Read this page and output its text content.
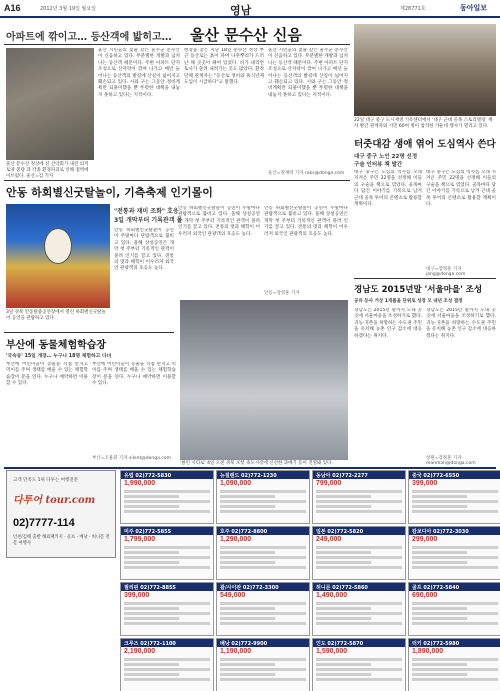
A16	2012년 3월 19일 월요일	영남	제28771호	동아일보
아파트에 깎이고… 등산객에 밟히고… 울산 문수산 신음
울산 문수산 정상에 선 산악회가 내린 퇴적 토양 불량 과 각종 환경파괴로 인해 절벽에 이르렀다. 울산=김 기자
울산 시민들의 젖줄 같은 울주군 문수산이 신음하고 있다. 무분별한 개발과 넘쳐나는 등산객 때문이다. 주변 아파트 단지 조성으로 산자락이 깎여 나가고 매년 늘어나는 등산객의 발길에 산길이 넓어지고 훼손되고 있다. 시와 구는 그동안 정비계획만 되풀이했을 뿐 뚜렷한 대책을 내놓지 못하고 있다는 지적이다.
현장을 찾은 지난 18일 문수산 정상 부근 등산로는 흙이 파여 나무뿌리가 드러난 채 곳곳이 패여 있었다. 비가 내리면 토사가 쓸려 내려가는 곳도 많았다. 환경단체 관계자는 "등산로 정비와 휴식년제 도입이 시급하다"고 말했다.
울산 시민들의 젖줄 같은 울주군 문수산이 신음하고 있다. 무분별한 개발과 넘쳐나는 등산객 때문이다. 주변 아파트 단지 조성으로 산자락이 깎여 나가고 매년 늘어나는 등산객의 발길에 산길이 넓어지고 훼손되고 있다. 시와 구는 그동안 정비계획만 되풀이했을 뿐 뚜렷한 대책을 내놓지 못하고 있다는 지적이다.
울산=정재락 기자 raks@donga.com
22일 대구 중구 도시재생 기록센터에서 '대구 근대 골목 스토리텔링' 책자 발간 관계자와 시민 60여 명이 참석한 가운데 행사가 열리고 있다.
터줏대감 생애 엮어 도심역사 쓴다
대구 중구 노인 22명 선정
구술 인터뷰 책 발간
대구 중구는 도심의 역사를 오래 지켜온 주민 22명을 선정해 이들의 구술을 책으로 엮었다. 골목마다 담긴 이야기를 기록으로 남겨 근대 골목 투어의 콘텐츠로 활용할 계획이다.
대구 중구는 도심의 역사를 오래 지켜온 주민 22명을 선정해 이들의 구술을 책으로 엮었다. 골목마다 담긴 이야기를 기록으로 남겨 근대 골목 투어의 콘텐츠로 활용할 계획이다.
대구=장영훈 기자 jang@donga.com
안동 하회별신굿탈놀이, 기측축제 인기몰이
3일 경북 안동탈춤공연장에서 열린 하회별신굿탈놀이 공연을 관람하고 있다.
"전통과 재미 조화" 호응
3일 개막부터 기록관객 몰
안동 하회별신굿탈놀이 공연이 주말마다 관람객으로 붐비고 있다. 올해 상설공연은 개막 첫 주부터 기록적인 관객이 몰려 인기를 끌고 있다. 전통의 멋과 해학이 어우러져 외국인 관광객의 호응도 높다.
안동 하회별신굿탈놀이 공연이 주말마다 관람객으로 붐비고 있다. 올해 상설공연은 개막 첫 주부터 기록적인 관객이 몰려 인기를 끌고 있다. 전통의 멋과 해학이 어우러져 외국인 관광객의 호응도 높다.
안동 하회별신굿탈놀이 공연이 주말마다 관람객으로 붐비고 있다. 올해 상설공연은 개막 첫 주부터 기록적인 관객이 몰려 인기를 끌고 있다. 전통의 멋과 해학이 어우러져 외국인 관광객의 호응도 높다.
안동=장영훈 기자
'클린 시티로' 4일 오전 경북 포항 죽도시장에 신선한 과메기 등이 진열돼 있다.
부산에 동물체험학습장
'국숙동' 15일 개장… 누구나 18명 체험하고 다녀
부산에 어린이들이 동물을 직접 만지고 먹이를 주며 생태를 배울 수 있는 체험학습장이 문을 연다. 누구나 예약하면 이용할 수 있다.
부산에 어린이들이 동물을 직접 만지고 먹이를 주며 생태를 배울 수 있는 체험학습장이 문을 연다. 누구나 예약하면 이용할 수 있다.
부산=조용휘 기자 silent@donga.com
경남도 2015년말 '서울마을' 조성
공유 등사 거상 1개롤을 단위로 성장 모 내년 조성 결정
경남도는 2015년 말까지 도내 곳곳에 서울마을을 조성하기로 했다. 귀농·귀촌을 희망하는 수도권 주민을 유치해 농촌 인구 감소에 대응하겠다는 취지다.
경남도는 2015년 말까지 도내 곳곳에 서울마을을 조성하기로 했다. 귀농·귀촌을 희망하는 수도권 주민을 유치해 농촌 인구 감소에 대응하겠다는 취지다.
창원=강정훈 기자 manman@donga.com
고객 만족도 1위 다투는 여행전문
다투어 tour.com
02)7777-114
인천/김해 출발 해외패키지 · 골프 · 배낭 · 허니문 전문 여행사
유럽 02)772-5830
1,990,000
뉴질랜드 02)772-1230
1,090,000
동남아 02)772-2277
799,000
중국 02)772-6550
399,000
미주 02)772-5855
1,799,000
호주 02)772-8800
1,290,000
일본 02)772-5820
249,000
캄보디아 02)772-3030
299,000
필리핀 02)772-8855
399,000
괌/사이판 02)772-3300
549,000
허니문 02)772-5860
1,490,000
골프 02)772-5840
690,000
크루즈 02)772-1100
2,190,000
배낭 02)772-9900
1,190,000
인도 02)772-5870
1,590,000
터키 02)772-5980
1,890,000
